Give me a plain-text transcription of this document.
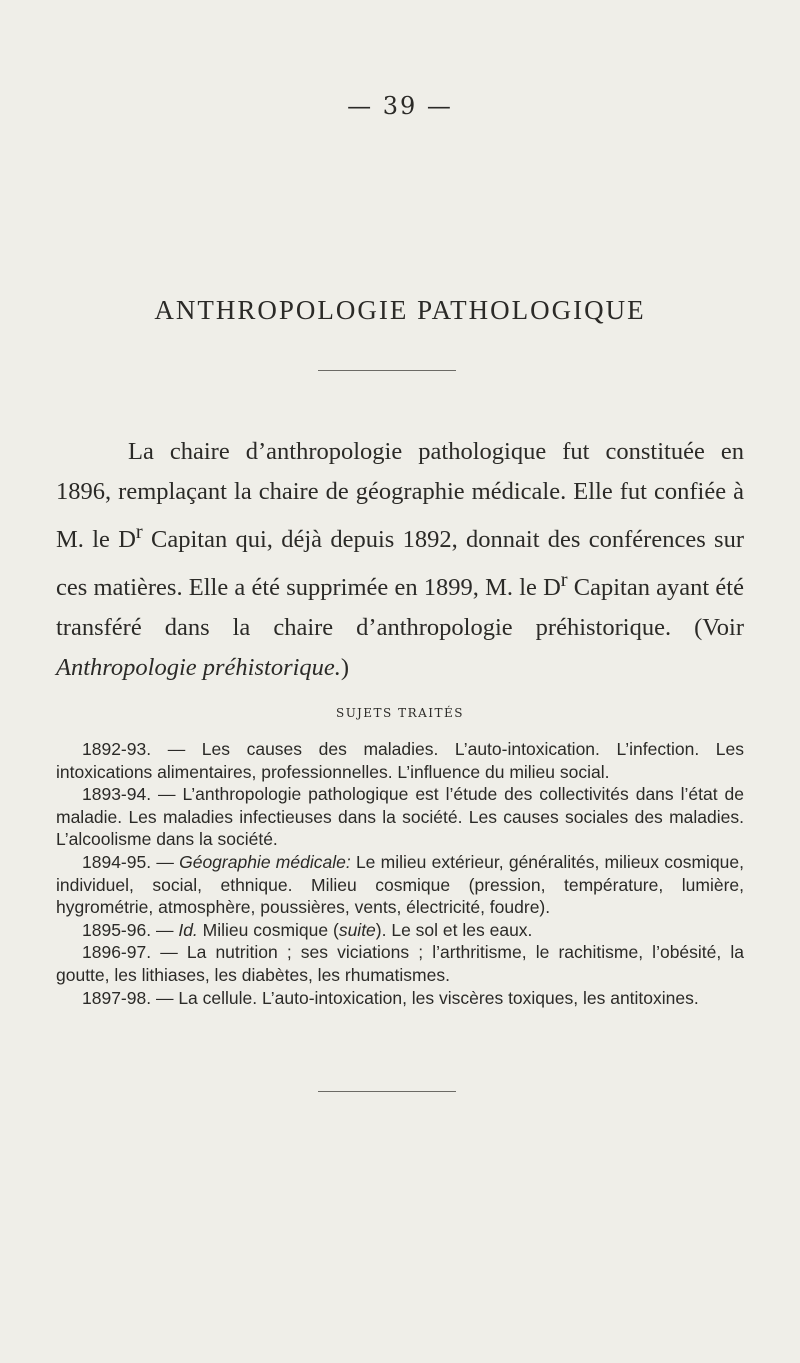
— 39 —
ANTHROPOLOGIE PATHOLOGIQUE

La chaire d’anthropologie pathologique fut constituée en 1896, remplaçant la chaire de géographie médicale. Elle fut confiée à M. le $D^r$ Capitan qui, déjà depuis 1892, donnait des conférences sur ces matières. Elle a été supprimée en 1899, M. le $D^r$ Capitan ayant été transféré dans la chaire d’anthropologie préhistorique. (Voir Anthropologie préhistorique.)

SUJETS TRAITÉS

1892-93. — Les causes des maladies. L’auto-intoxication. L’infection. Les intoxications alimentaires, professionnelles. L’influence du milieu social.

1893-94. — L’anthropologie pathologique est l’étude des collectivités dans l’état de maladie. Les maladies infectieuses dans la société. Les causes sociales des maladies. L’alcoolisme dans la société.

1894-95. — Géographie médicale: Le milieu extérieur, généralités, milieux cosmique, individuel, social, ethnique. Milieu cosmique (pression, température, lumière, hygrométrie, atmosphère, poussières, vents, électricité, foudre).

1895-96. — Id. Milieu cosmique (suite). Le sol et les eaux.

1896-97. — La nutrition ; ses viciations ; l’arthritisme, le rachitisme, l’obésité, la goutte, les lithiases, les diabètes, les rhumatismes.

1897-98. — La cellule. L’auto-intoxication, les viscères toxiques, les antitoxines.
